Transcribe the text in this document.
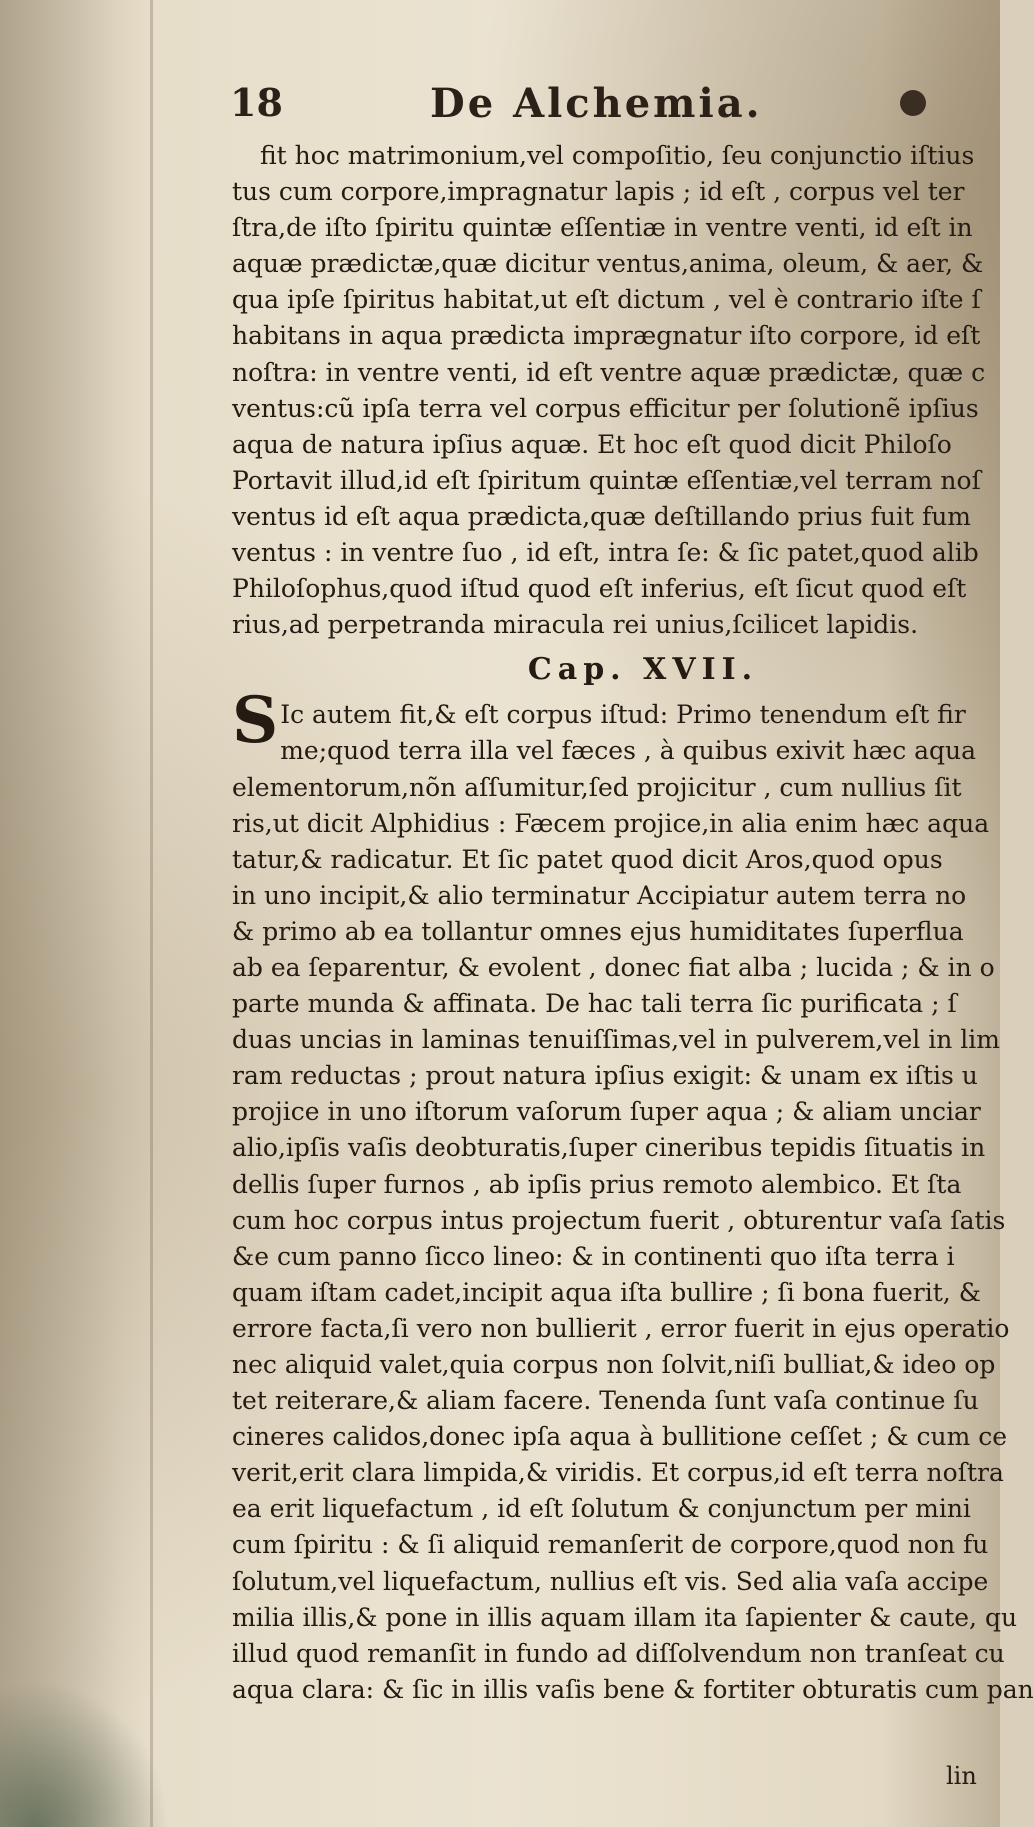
18	De Alchemia.
fit hoc matrimonium,vel compoſitio, ſeu conjunctio iſtius
tus cum corpore,impragnatur lapis ; id eſt , corpus vel ter
ſtra,de iſto ſpiritu quintæ eſſentiæ in ventre venti, id eſt in
aquæ prædictæ,quæ dicitur ventus,anima, oleum, & aer, &
qua ipſe ſpiritus habitat,ut eſt dictum , vel è contrario iſte ſ
habitans in aqua prædicta imprægnatur iſto corpore, id eſt
noſtra: in ventre venti, id eſt ventre aquæ prædictæ, quæ c
ventus:cũ ipſa terra vel corpus efficitur per ſolutionẽ ipſius
aqua de natura ipſius aquæ. Et hoc eſt quod dicit Philoſo
Portavit illud,id eſt ſpiritum quintæ eſſentiæ,vel terram noſ
ventus id eſt aqua prædicta,quæ deſtillando prius fuit fum
ventus : in ventre ſuo , id eſt, intra ſe: & ſic patet,quod alib
Philoſophus,quod iſtud quod eſt inferius, eſt ſicut quod eſt
rius,ad perpetranda miracula rei unius,ſcilicet lapidis.
Cap. XVII.
S Ic autem fit,& eſt corpus iſtud: Primo tenendum eſt fir
me;quod terra illa vel fæces , à quibus exivit hæc aqua
elementorum,nõn aſſumitur,ſed projicitur , cum nullius ſit
ris,ut dicit Alphidius : Fæcem projice,in alia enim hæc aqua
tatur,& radicatur. Et ſic patet quod dicit Aros,quod opus
in uno incipit,& alio terminatur Accipiatur autem terra no
& primo ab ea tollantur omnes ejus humiditates ſuperflua
ab ea ſeparentur, & evolent , donec fiat alba ; lucida ; & in o
parte munda & affinata. De hac tali terra ſic purificata ; ſ
duas uncias in laminas tenuiſſimas,vel in pulverem,vel in lim
ram reductas ; prout natura ipſius exigit: & unam ex iſtis u
projice in uno iſtorum vaſorum ſuper aqua ; & aliam unciar
alio,ipſis vaſis deobturatis,ſuper cineribus tepidis ſituatis in
dellis ſuper furnos , ab ipſis prius remoto alembico. Et ſta
cum hoc corpus intus projectum fuerit , obturentur vaſa ſatis
&e cum panno ſicco lineo: & in continenti quo iſta terra i
quam iſtam cadet,incipit aqua iſta bullire ; ſi bona fuerit, &
errore facta,ſi vero non bullierit , error fuerit in ejus operatio
nec aliquid valet,quia corpus non ſolvit,niſi bulliat,& ideo op
tet reiterare,& aliam facere. Tenenda ſunt vaſa continue ſu
cineres calidos,donec ipſa aqua à bullitione ceſſet ; & cum ce
verit,erit clara limpida,& viridis. Et corpus,id eſt terra noſtra
ea erit liquefactum , id eſt ſolutum & conjunctum per mini
cum ſpiritu : & ſi aliquid remanſerit de corpore,quod non fu
ſolutum,vel liquefactum, nullius eſt vis. Sed alia vaſa accipe
milia illis,& pone in illis aquam illam ita ſapienter & caute, qu
illud quod remanſit in fundo ad diſſolvendum non tranſeat cu
aqua clara: & ſic in illis vaſis bene & fortiter obturatis cum pan
lin
